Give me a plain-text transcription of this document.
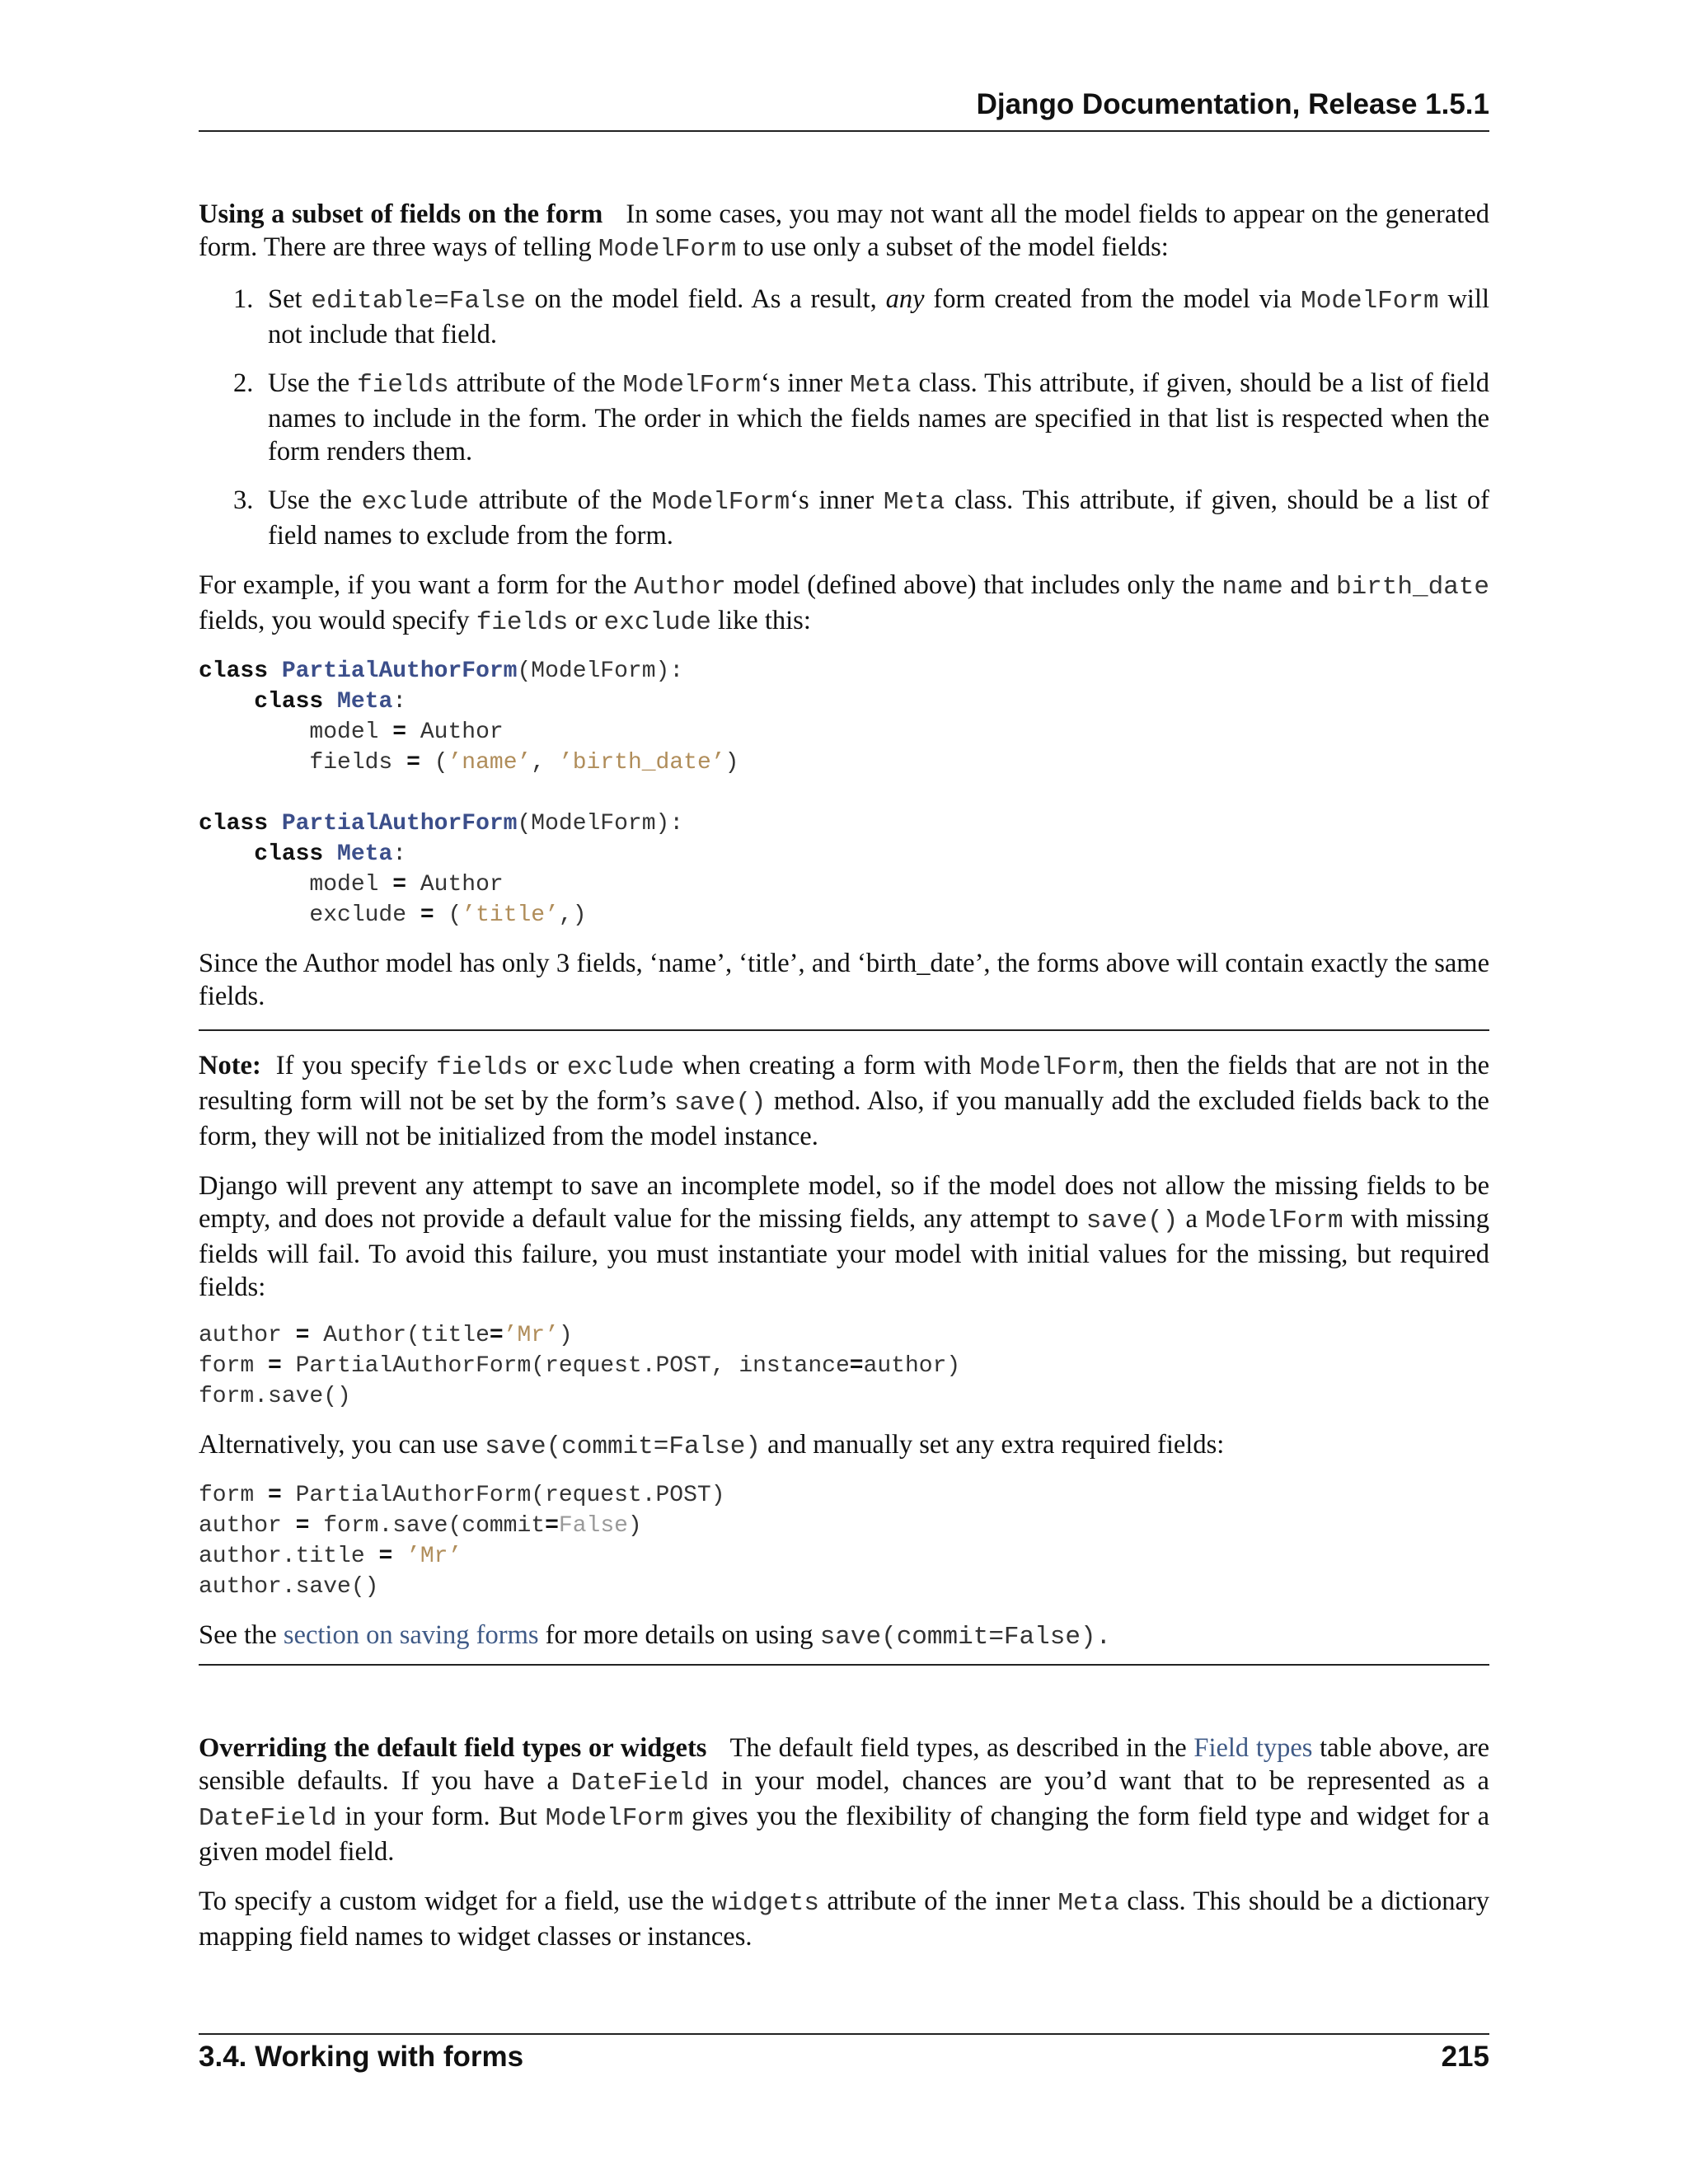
Django Documentation, Release 1.5.1

Using a subset of fields on the form In some cases, you may not want all the model fields to appear on the generated form. There are three ways of telling ModelForm to use only a subset of the model fields:

1. Set editable=False on the model field. As a result, any form created from the model via ModelForm will not include that field.
2. Use the fields attribute of the ModelForm‘s inner Meta class. This attribute, if given, should be a list of field names to include in the form. The order in which the fields names are specified in that list is respected when the form renders them.
3. Use the exclude attribute of the ModelForm‘s inner Meta class. This attribute, if given, should be a list of field names to exclude from the form.

For example, if you want a form for the Author model (defined above) that includes only the name and birth_date fields, you would specify fields or exclude like this:

class PartialAuthorForm(ModelForm):
class Meta:
model = Author
fields = (’name’, ’birth_date’)

class PartialAuthorForm(ModelForm):
class Meta:
model = Author
exclude = (’title’,)

Since the Author model has only 3 fields, ‘name’, ‘title’, and ‘birth_date’, the forms above will contain exactly the same fields.

Note: If you specify fields or exclude when creating a form with ModelForm, then the fields that are not in the resulting form will not be set by the form’s save() method. Also, if you manually add the excluded fields back to the form, they will not be initialized from the model instance.

Django will prevent any attempt to save an incomplete model, so if the model does not allow the missing fields to be empty, and does not provide a default value for the missing fields, any attempt to save() a ModelForm with missing fields will fail. To avoid this failure, you must instantiate your model with initial values for the missing, but required fields:

author = Author(title=’Mr’)
form = PartialAuthorForm(request.POST, instance=author)
form.save()

Alternatively, you can use save(commit=False) and manually set any extra required fields:

form = PartialAuthorForm(request.POST)
author = form.save(commit=False)
author.title = ’Mr’
author.save()

See the section on saving forms for more details on using save(commit=False).

Overriding the default field types or widgets The default field types, as described in the Field types table above, are sensible defaults. If you have a DateField in your model, chances are you’d want that to be represented as a DateField in your form. But ModelForm gives you the flexibility of changing the form field type and widget for a given model field.

To specify a custom widget for a field, use the widgets attribute of the inner Meta class. This should be a dictionary mapping field names to widget classes or instances.

3.4. Working with forms	215
